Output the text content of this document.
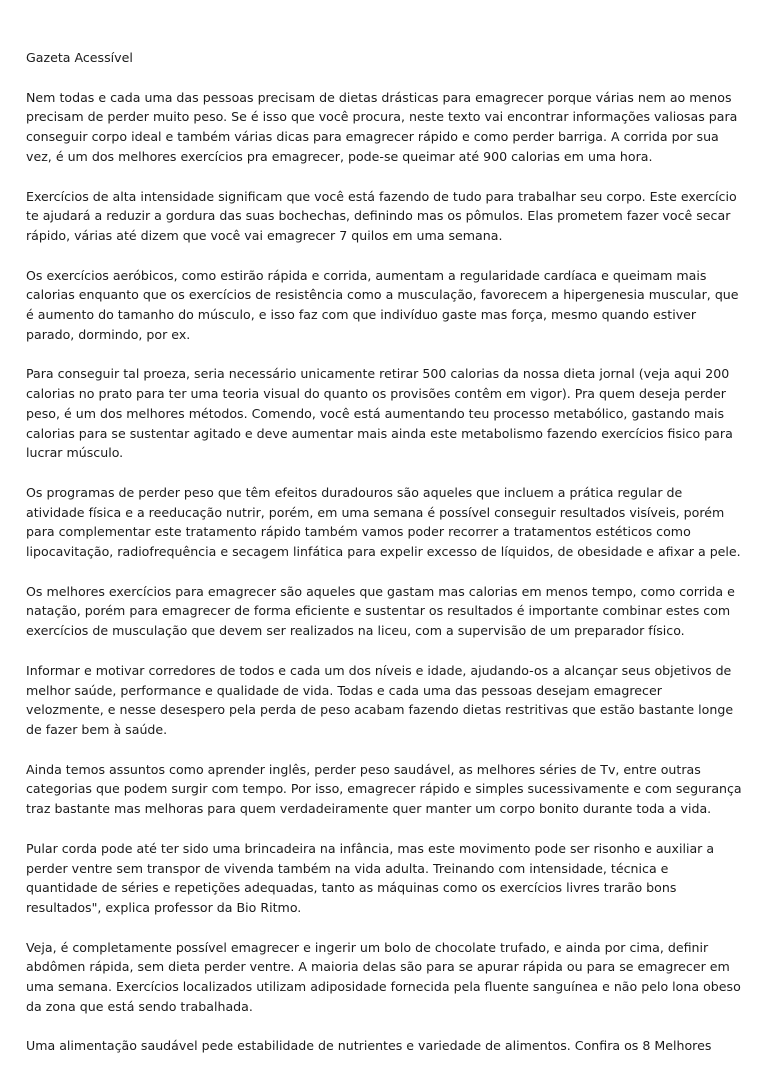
Gazeta Acessível
Nem todas e cada uma das pessoas precisam de dietas drásticas para emagrecer porque várias nem ao menos precisam de perder muito peso. Se é isso que você procura, neste texto vai encontrar informações valiosas para conseguir corpo ideal e também várias dicas para emagrecer rápido e como perder barriga. A corrida por sua vez, é um dos melhores exercícios pra emagrecer, pode-se queimar até 900 calorias em uma hora.
Exercícios de alta intensidade significam que você está fazendo de tudo para trabalhar seu corpo. Este exercício te ajudará a reduzir a gordura das suas bochechas, definindo mas os pômulos. Elas prometem fazer você secar rápido, várias até dizem que você vai emagrecer 7 quilos em uma semana.
Os exercícios aeróbicos, como estirão rápida e corrida, aumentam a regularidade cardíaca e queimam mais calorias enquanto que os exercícios de resistência como a musculação, favorecem a hipergenesia muscular, que é aumento do tamanho do músculo, e isso faz com que indivíduo gaste mas força, mesmo quando estiver parado, dormindo, por ex.
Para conseguir tal proeza, seria necessário unicamente retirar 500 calorias da nossa dieta jornal (veja aqui 200 calorias no prato para ter uma teoria visual do quanto os provisões contêm em vigor). Pra quem deseja perder peso, é um dos melhores métodos. Comendo, você está aumentando teu processo metabólico, gastando mais calorias para se sustentar agitado e deve aumentar mais ainda este metabolismo fazendo exercícios fisico para lucrar músculo.
Os programas de perder peso que têm efeitos duradouros são aqueles que incluem a prática regular de atividade física e a reeducação nutrir, porém, em uma semana é possível conseguir resultados visíveis, porém para complementar este tratamento rápido também vamos poder recorrer a tratamentos estéticos como lipocavitação, radiofrequência e secagem linfática para expelir excesso de líquidos, de obesidade e afixar a pele.
Os melhores exercícios para emagrecer são aqueles que gastam mas calorias em menos tempo, como corrida e natação, porém para emagrecer de forma eficiente e sustentar os resultados é importante combinar estes com exercícios de musculação que devem ser realizados na liceu, com a supervisão de um preparador físico.
Informar e motivar corredores de todos e cada um dos níveis e idade, ajudando-os a alcançar seus objetivos de melhor saúde, performance e qualidade de vida. Todas e cada uma das pessoas desejam emagrecer velozmente, e nesse desespero pela perda de peso acabam fazendo dietas restritivas que estão bastante longe de fazer bem à saúde.
Ainda temos assuntos como aprender inglês, perder peso saudável, as melhores séries de Tv, entre outras categorias que podem surgir com tempo. Por isso, emagrecer rápido e simples sucessivamente e com segurança traz bastante mas melhoras para quem verdadeiramente quer manter um corpo bonito durante toda a vida.
Pular corda pode até ter sido uma brincadeira na infância, mas este movimento pode ser risonho e auxiliar a perder ventre sem transpor de vivenda também na vida adulta. Treinando com intensidade, técnica e quantidade de séries e repetições adequadas, tanto as máquinas como os exercícios livres trarão bons resultados", explica professor da Bio Ritmo.
Veja, é completamente possível emagrecer e ingerir um bolo de chocolate trufado, e ainda por cima, definir abdômen rápida, sem dieta perder ventre. A maioria delas são para se apurar rápida ou para se emagrecer em uma semana. Exercícios localizados utilizam adiposidade fornecida pela fluente sanguínea e não pelo lona obeso da zona que está sendo trabalhada.
Uma alimentação saudável pede estabilidade de nutrientes e variedade de alimentos. Confira os 8 Melhores
